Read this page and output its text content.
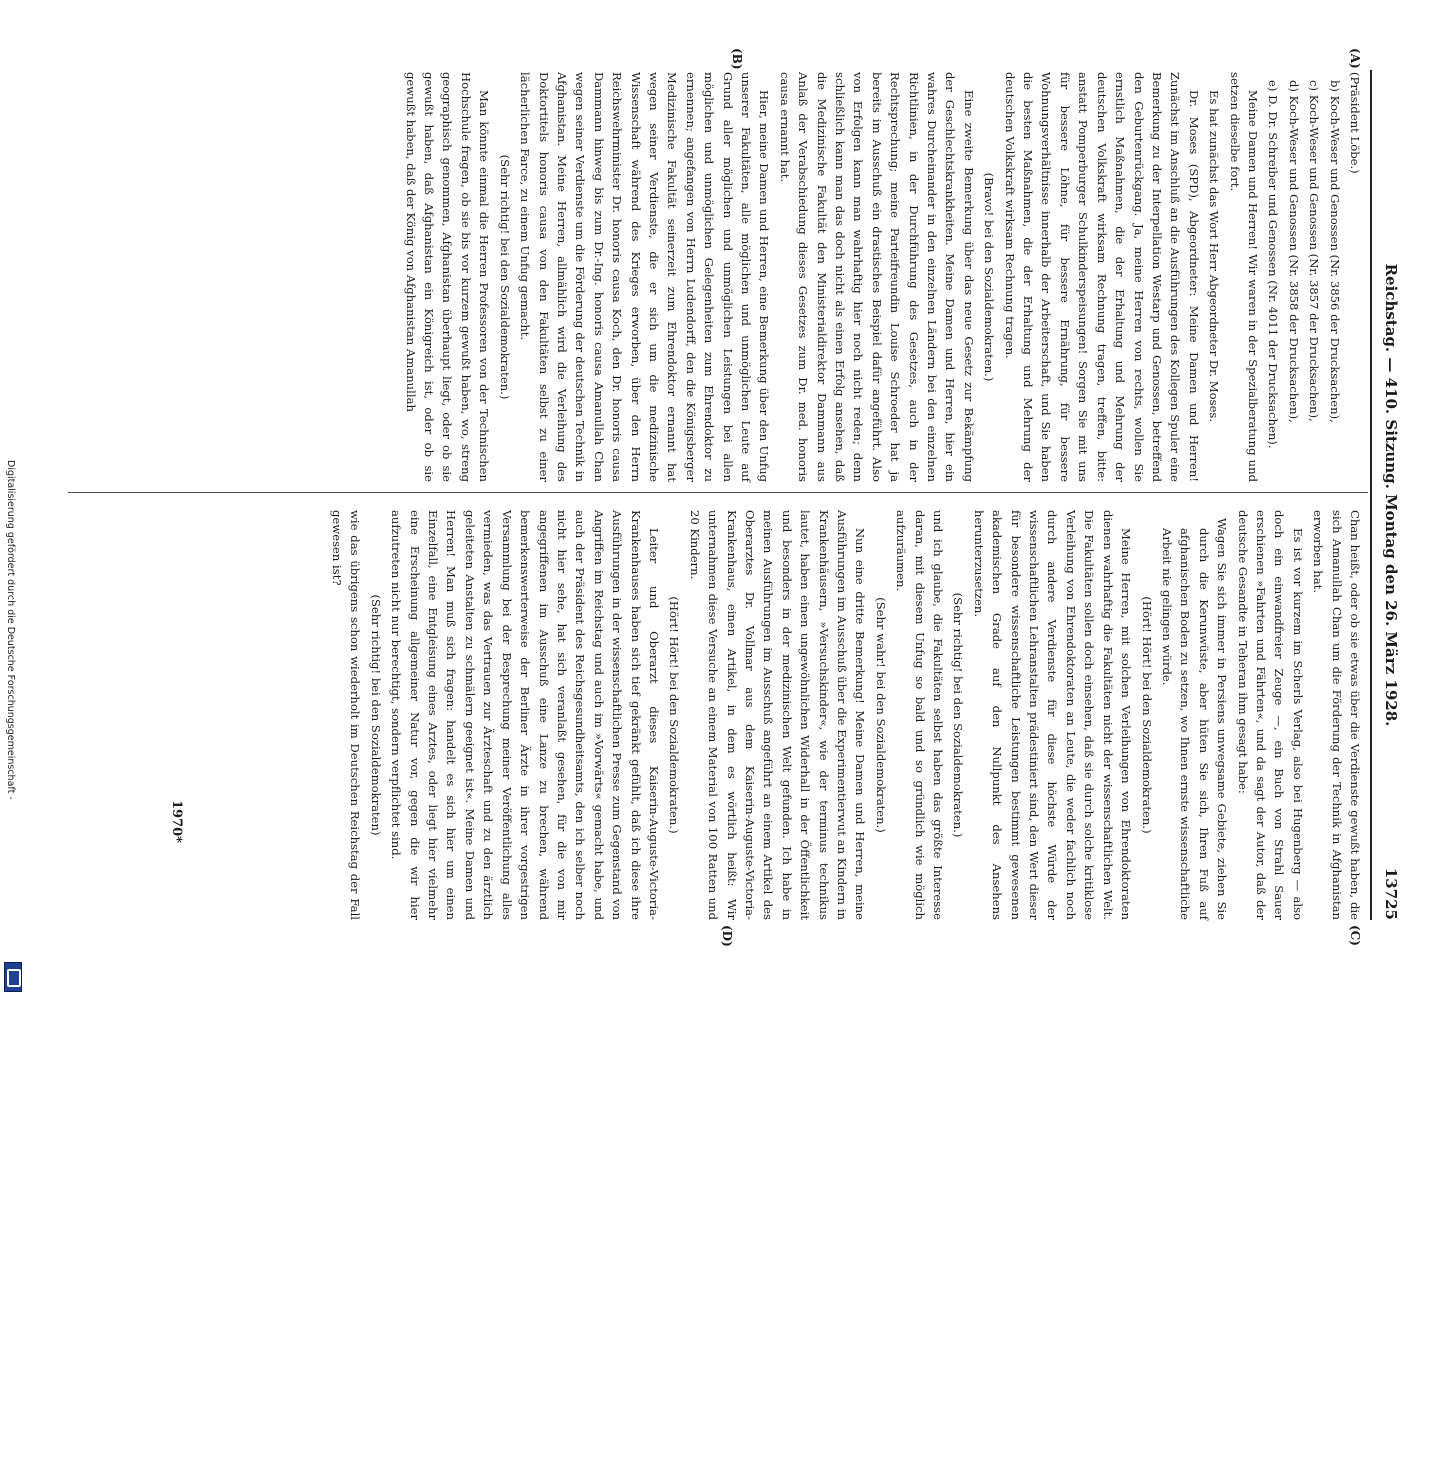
Reichstag. — 410. Sitzung. Montag den 26. März 1928.
13725
(A)
(B)
(C)
(D)

(Präsident Löbe.)

b) Koch-Weser und Genossen (Nr. 3856 der Drucksachen),

c) Koch-Weser und Genossen (Nr. 3857 der Drucksachen),

d) Koch-Weser und Genossen (Nr. 3858 der Drucksachen),

e) D. Dr. Schreiber und Genossen (Nr. 4011 der Drucksachen).

Meine Damen und Herren! Wir waren in der Spezialberatung und setzen dieselbe fort.

Es hat zunächst das Wort Herr Abgeordneter Dr. Moses.

Dr. Moses (SPD), Abgeordneter: Meine Damen und Herren! Zunächst im Anschluß an die Ausführungen des Kollegen Spuler eine Bemerkung zu der Interpellation Westarp und Genossen, betreffend den Geburtenrückgang. Ja, meine Herren von rechts, wollen Sie ernstlich Maßnahmen, die der Erhaltung und Mehrung der deutschen Volkskraft wirksam Rechnung tragen, treffen, bitte: anstatt Pomperburger Schulkinderspeisungen! Sorgen Sie mit uns für bessere Löhne, für bessere Ernährung, für bessere Wohnungsverhältnisse innerhalb der Arbeiterschaft, und Sie haben die besten Maßnahmen, die der Erhaltung und Mehrung der deutschen Volkskraft wirksam Rechnung tragen.

(Bravo! bei den Sozialdemokraten.)

Eine zweite Bemerkung über das neue Gesetz zur Bekämpfung der Geschlechtskrankheiten. Meine Damen und Herren, hier ein wahres Durcheinander in den einzelnen Ländern bei den einzelnen Richtlinien, in der Durchführung des Gesetzes, auch in der Rechtsprechung; meine Parteifreundin Louise Schroeder hat ja bereits im Ausschuß ein drastisches Beispiel dafür angeführt. Also von Erfolgen kann man wahrhaftig hier noch nicht reden; denn schließlich kann man das doch nicht als einen Erfolg ansehen, daß die Medizinische Fakultät den Ministerialdirektor Dammann aus Anlaß der Verabschiedung dieses Gesetzes zum Dr. med. honoris causa ernannt hat.

Hier, meine Damen und Herren, eine Bemerkung über den Unfug unserer Fakultäten, alle möglichen und unmöglichen Leute auf Grund aller möglichen und unmöglichen Leistungen bei allen möglichen und unmöglichen Gelegenheiten zum Ehrendoktor zu ernennen; angefangen von Herrn Ludendorff, den die Königsberger Medizinische Fakultät seinerzeit zum Ehrendoktor ernannt hat wegen seiner Verdienste, die er sich um die medizinische Wissenschaft während des Krieges erworben, über den Herrn Reichswehrminister Dr. honoris causa Koch, den Dr. honoris causa Dammann hinweg bis zum Dr.-Ing. honoris causa Amanullah Chan wegen seiner Verdienste um die Förderung der deutschen Technik in Afghanistan. Meine Herren, allmählich wird die Verleihung des Doktortitels honoris causa von den Fakultäten selbst zu einer lächerlichen Farce, zu einem Unfug gemacht.

(Sehr richtig! bei den Sozialdemokraten.)

Man könnte einmal die Herren Professoren von der Technischen Hochschule fragen, ob sie bis vor kurzem gewußt haben, wo, streng geographisch genommen, Afghanistan überhaupt liegt, oder ob sie gewußt haben, daß Afghanistan ein Königreich ist, oder ob sie gewußt haben, daß der König von Afghanistan Amanullah

Chan heißt, oder ob sie etwas über die Verdienste gewußt haben, die sich Amanullah Chan um die Förderung der Technik in Afghanistan erworben hat.

Es ist vor kurzem im Scherls Verlag, also bei Hugenberg — also doch ein einwandfreier Zeuge —, ein Buch von Strahl Sauer erschienen »Fahrten und Fährten«, und da sagt der Autor, daß der deutsche Gesandte in Teheran ihm gesagt habe:

Wagen Sie sich immer in Persiens unwegsame Gebiete, ziehen Sie durch die Kerunwüste, aber hüten Sie sich, Ihren Fuß auf afghanischen Boden zu setzen, wo Ihnen ernste wissenschaftliche Arbeit nie gelingen würde.

(Hört! Hört! bei den Sozialdemokraten.)

Meine Herren, mit solchen Verleihungen von Ehrendoktoraten dienen wahrhaftig die Fakultäten nicht der wissenschaftlichen Welt. Die Fakultäten sollen doch einsehen, daß sie durch solche kritiklose Verleihung von Ehrendoktoraten an Leute, die weder fachlich noch durch andere Verdienste für diese höchste Würde der wissenschaftlichen Lehranstalten prädestiniert sind, den Wert dieser für besondere wissenschaftliche Leistungen bestimmt gewesenen akademischen Grade auf den Nullpunkt des Ansehens herunterzusetzen.

(Sehr richtig! bei den Sozialdemokraten.)

und ich glaube, die Fakultäten selbst haben das größte Interesse daran, mit diesem Unfug so bald und so gründlich wie möglich aufzuräumen.

(Sehr wahr! bei den Sozialdemokraten.)

Nun eine dritte Bemerkung! Meine Damen und Herren, meine Ausführungen im Ausschuß über die Experimentierwut an Kindern in Krankenhäusern, »Versuchskinder«, wie der terminus technikus lautet, haben einen ungewöhnlichen Widerhall in der Öffentlichkeit und besonders in der medizinischen Welt gefunden. Ich habe in meinen Ausführungen im Ausschuß angeführt an einem Artikel des Oberarztes Dr. Vollmar aus dem Kaiserin-Auguste-Victoria-Krankenhaus, einen Artikel, in dem es wörtlich heißt: Wir unternahmen diese Versuche an einem Material von 100 Ratten und 20 Kindern.

(Hört! Hört! bei den Sozialdemokraten.)

Leiter und Oberarzt dieses Kaiserin-Auguste-Victoria-Krankenhauses haben sich tief gekränkt gefühlt, daß ich diese ihre Ausführungen in der wissenschaftlichen Presse zum Gegenstand von Angriffen im Reichstag und auch im »Vorwärts« gemacht habe, und auch der Präsident des Reichsgesundheitsamts, den ich selber noch nicht hier sehe, hat sich veranlaßt gesehen, für die von mir angegriffenen im Ausschuß eine Lanze zu brechen, während bemerkenswerterweise der Berliner Ärzte in ihrer vorgestrigen Versammlung bei der Besprechung meiner Veröffentlichung alles vermieden, was das Vertrauen zur Ärzteschaft und zu den ärztlich geleiteten Anstalten zu schmälern geeignet ist«. Meine Damen und Herren! Man muß sich fragen: handelt es sich hier um einen Einzelfall, eine Entgleisung eines Arztes, oder liegt hier vielmehr eine Erscheinung allgemeiner Natur vor, gegen die wir hier aufzutreten nicht nur berechtigt, sondern verpflichtet sind.

(Sehr richtig! bei den Sozialdemokraten)

wie das übrigens schon wiederholt im Deutschen Reichstag der Fall gewesen ist?

1970*
Digitalisierung gefördert durch die Deutsche Forschungsgemeinschaft -
